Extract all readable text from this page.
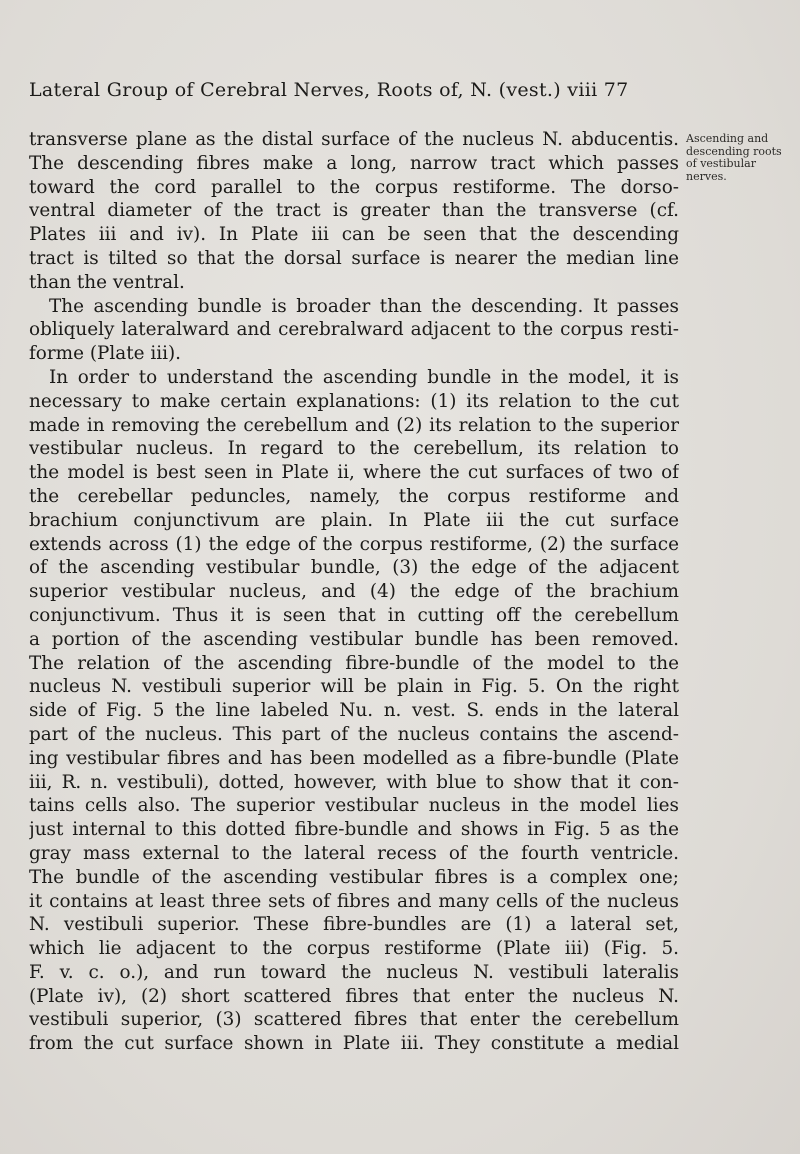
Lateral Group of Cerebral Nerves, Roots of, N. (vest.) viii 77
transverse plane as the distal surface of the nucleus N. abducentis.
The descending fibres make a long, narrow tract which passes
toward the cord parallel to the corpus restiforme. The dorso-
ventral diameter of the tract is greater than the transverse (cf.
Plates iii and iv). In Plate iii can be seen that the descending
tract is tilted so that the dorsal surface is nearer the median line
than the ventral.
The ascending bundle is broader than the descending. It passes
obliquely lateralward and cerebralward adjacent to the corpus resti-
forme (Plate iii).
In order to understand the ascending bundle in the model, it is
necessary to make certain explanations: (1) its relation to the cut
made in removing the cerebellum and (2) its relation to the superior
vestibular nucleus. In regard to the cerebellum, its relation to
the model is best seen in Plate ii, where the cut surfaces of two of
the cerebellar peduncles, namely, the corpus restiforme and
brachium conjunctivum are plain. In Plate iii the cut surface
extends across (1) the edge of the corpus restiforme, (2) the surface
of the ascending vestibular bundle, (3) the edge of the adjacent
superior vestibular nucleus, and (4) the edge of the brachium
conjunctivum. Thus it is seen that in cutting off the cerebellum
a portion of the ascending vestibular bundle has been removed.
The relation of the ascending fibre-bundle of the model to the
nucleus N. vestibuli superior will be plain in Fig. 5. On the right
side of Fig. 5 the line labeled Nu. n. vest. S. ends in the lateral
part of the nucleus. This part of the nucleus contains the ascend-
ing vestibular fibres and has been modelled as a fibre-bundle (Plate
iii, R. n. vestibuli), dotted, however, with blue to show that it con-
tains cells also. The superior vestibular nucleus in the model lies
just internal to this dotted fibre-bundle and shows in Fig. 5 as the
gray mass external to the lateral recess of the fourth ventricle.
The bundle of the ascending vestibular fibres is a complex one;
it contains at least three sets of fibres and many cells of the nucleus
N. vestibuli superior. These fibre-bundles are (1) a lateral set,
which lie adjacent to the corpus restiforme (Plate iii) (Fig. 5.
F. v. c. o.), and run toward the nucleus N. vestibuli lateralis
(Plate iv), (2) short scattered fibres that enter the nucleus N.
vestibuli superior, (3) scattered fibres that enter the cerebellum
from the cut surface shown in Plate iii. They constitute a medial
Ascending and
descending roots
of vestibular
nerves.
